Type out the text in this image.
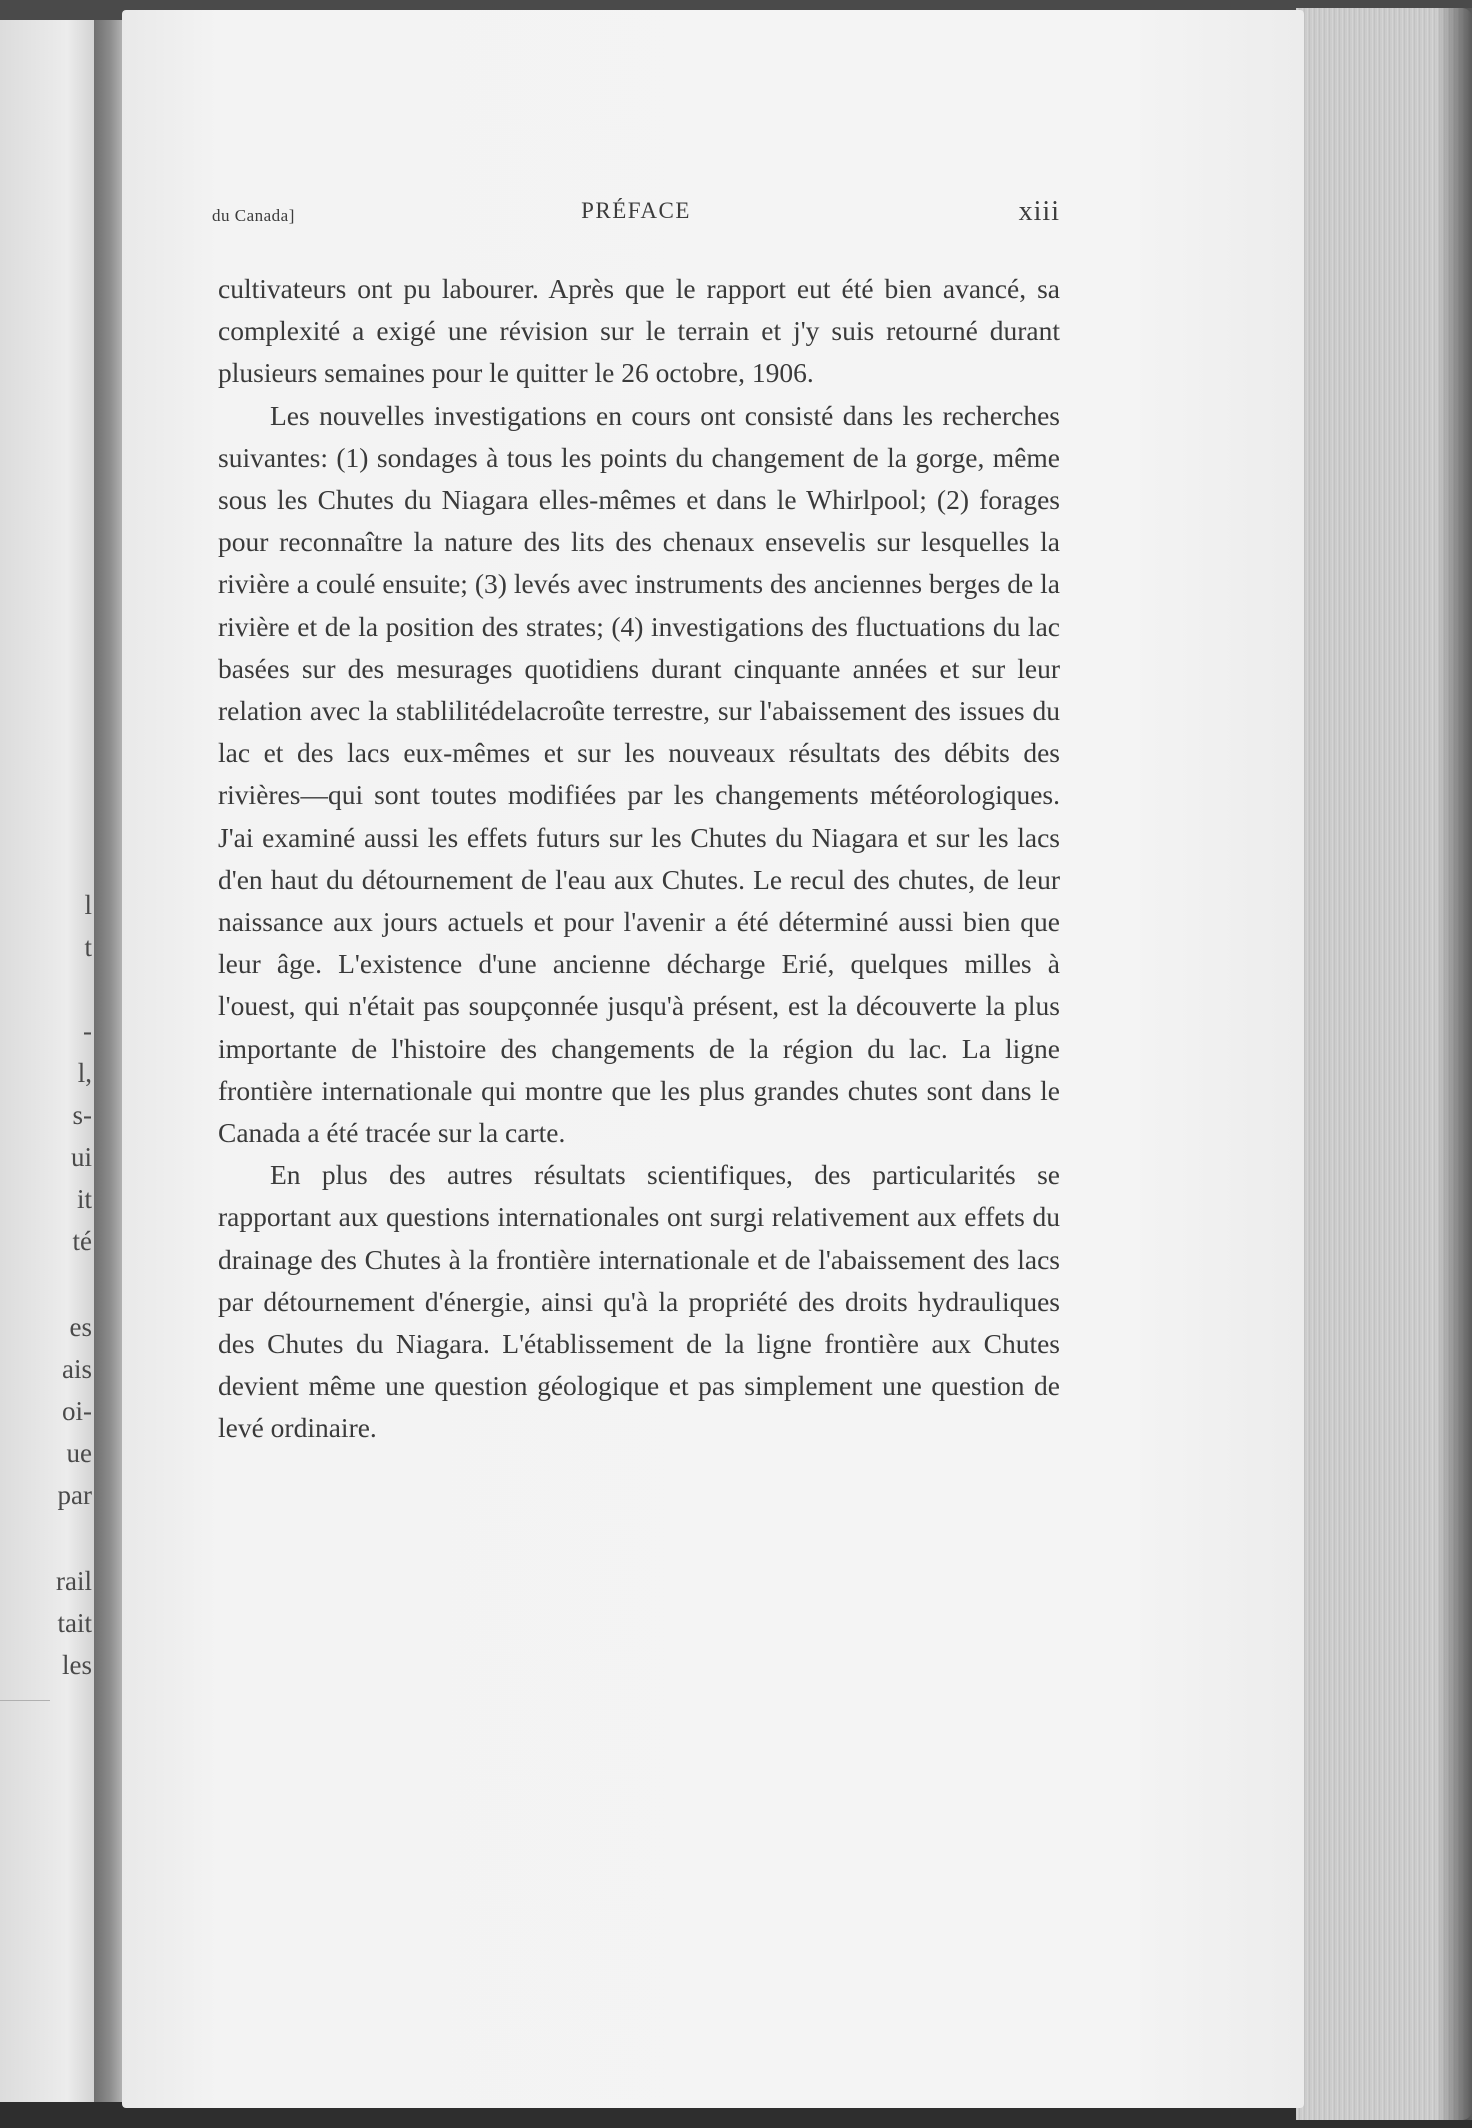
l
t
-
l,
s-
ui
it
té
es
ais
oi-
ue
par
rail
tait
les
du Canada]	PRÉFACE	xiii

cultivateurs ont pu labourer. Après que le rapport eut été bien avancé, sa complexité a exigé une révision sur le terrain et j'y suis retourné durant plusieurs semaines pour le quitter le 26 octobre, 1906.

Les nouvelles investigations en cours ont consisté dans les recherches suivantes: (1) sondages à tous les points du changement de la gorge, même sous les Chutes du Niagara elles-mêmes et dans le Whirlpool; (2) forages pour reconnaître la nature des lits des chenaux ensevelis sur lesquelles la rivière a coulé ensuite; (3) levés avec instruments des anciennes berges de la rivière et de la position des strates; (4) investigations des fluctuations du lac basées sur des mesurages quotidiens durant cinquante années et sur leur relation avec la stablilitédelacroûte terrestre, sur l'abaissement des issues du lac et des lacs eux-mêmes et sur les nouveaux résultats des débits des rivières—qui sont toutes modifiées par les changements météorologiques. J'ai examiné aussi les effets futurs sur les Chutes du Niagara et sur les lacs d'en haut du détournement de l'eau aux Chutes. Le recul des chutes, de leur naissance aux jours actuels et pour l'avenir a été déterminé aussi bien que leur âge. L'existence d'une ancienne décharge Erié, quelques milles à l'ouest, qui n'était pas soupçonnée jusqu'à présent, est la découverte la plus importante de l'histoire des changements de la région du lac. La ligne frontière internationale qui montre que les plus grandes chutes sont dans le Canada a été tracée sur la carte.

En plus des autres résultats scientifiques, des particularités se rapportant aux questions internationales ont surgi relativement aux effets du drainage des Chutes à la frontière internationale et de l'abaissement des lacs par détournement d'énergie, ainsi qu'à la propriété des droits hydrauliques des Chutes du Niagara. L'établissement de la ligne frontière aux Chutes devient même une question géologique et pas simplement une question de levé ordinaire.
